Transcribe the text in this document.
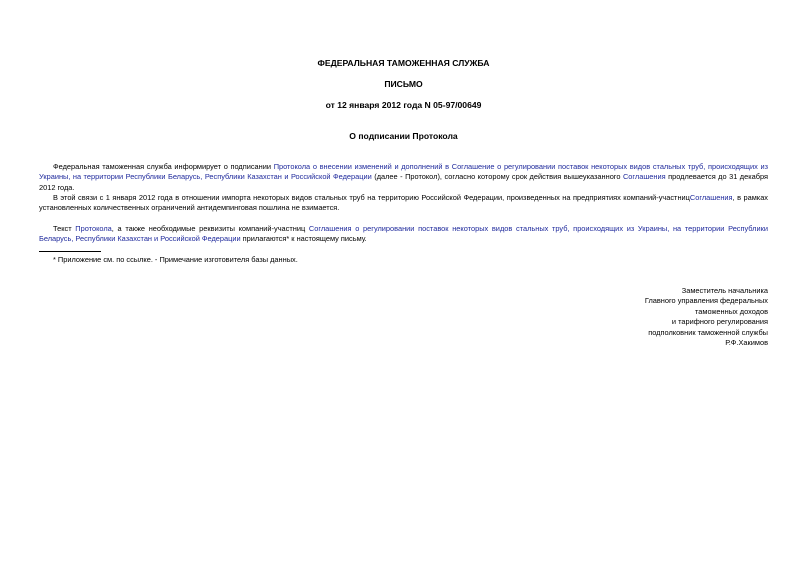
ФЕДЕРАЛЬНАЯ ТАМОЖЕННАЯ СЛУЖБА
ПИСЬМО
от 12 января 2012 года N 05-97/00649
О подписании Протокола
Федеральная таможенная служба информирует о подписании Протокола о внесении изменений и дополнений в Соглашение о регулировании поставок некоторых видов стальных труб, происходящих из Украины, на территории Республики Беларусь, Республики Казахстан и Российской Федерации (далее - Протокол), согласно которому срок действия вышеуказанного Соглашения продлевается до 31 декабря 2012 года.
В этой связи с 1 января 2012 года в отношении импорта некоторых видов стальных труб на территорию Российской Федерации, произведенных на предприятиях компаний-участницСоглашения, в рамках установленных количественных ограничений антидемпинговая пошлина не взимается.
Текст Протокола, а также необходимые реквизиты компаний-участниц Соглашения о регулировании поставок некоторых видов стальных труб, происходящих из Украины, на территории Республики Беларусь, Республики Казахстан и Российской Федерации прилагаются* к настоящему письму.
* Приложение см. по ссылке. - Примечание изготовителя базы данных.
Заместитель начальника
Главного управления федеральных
таможенных доходов
и тарифного регулирования
подполковник таможенной службы
Р.Ф.Хакимов
